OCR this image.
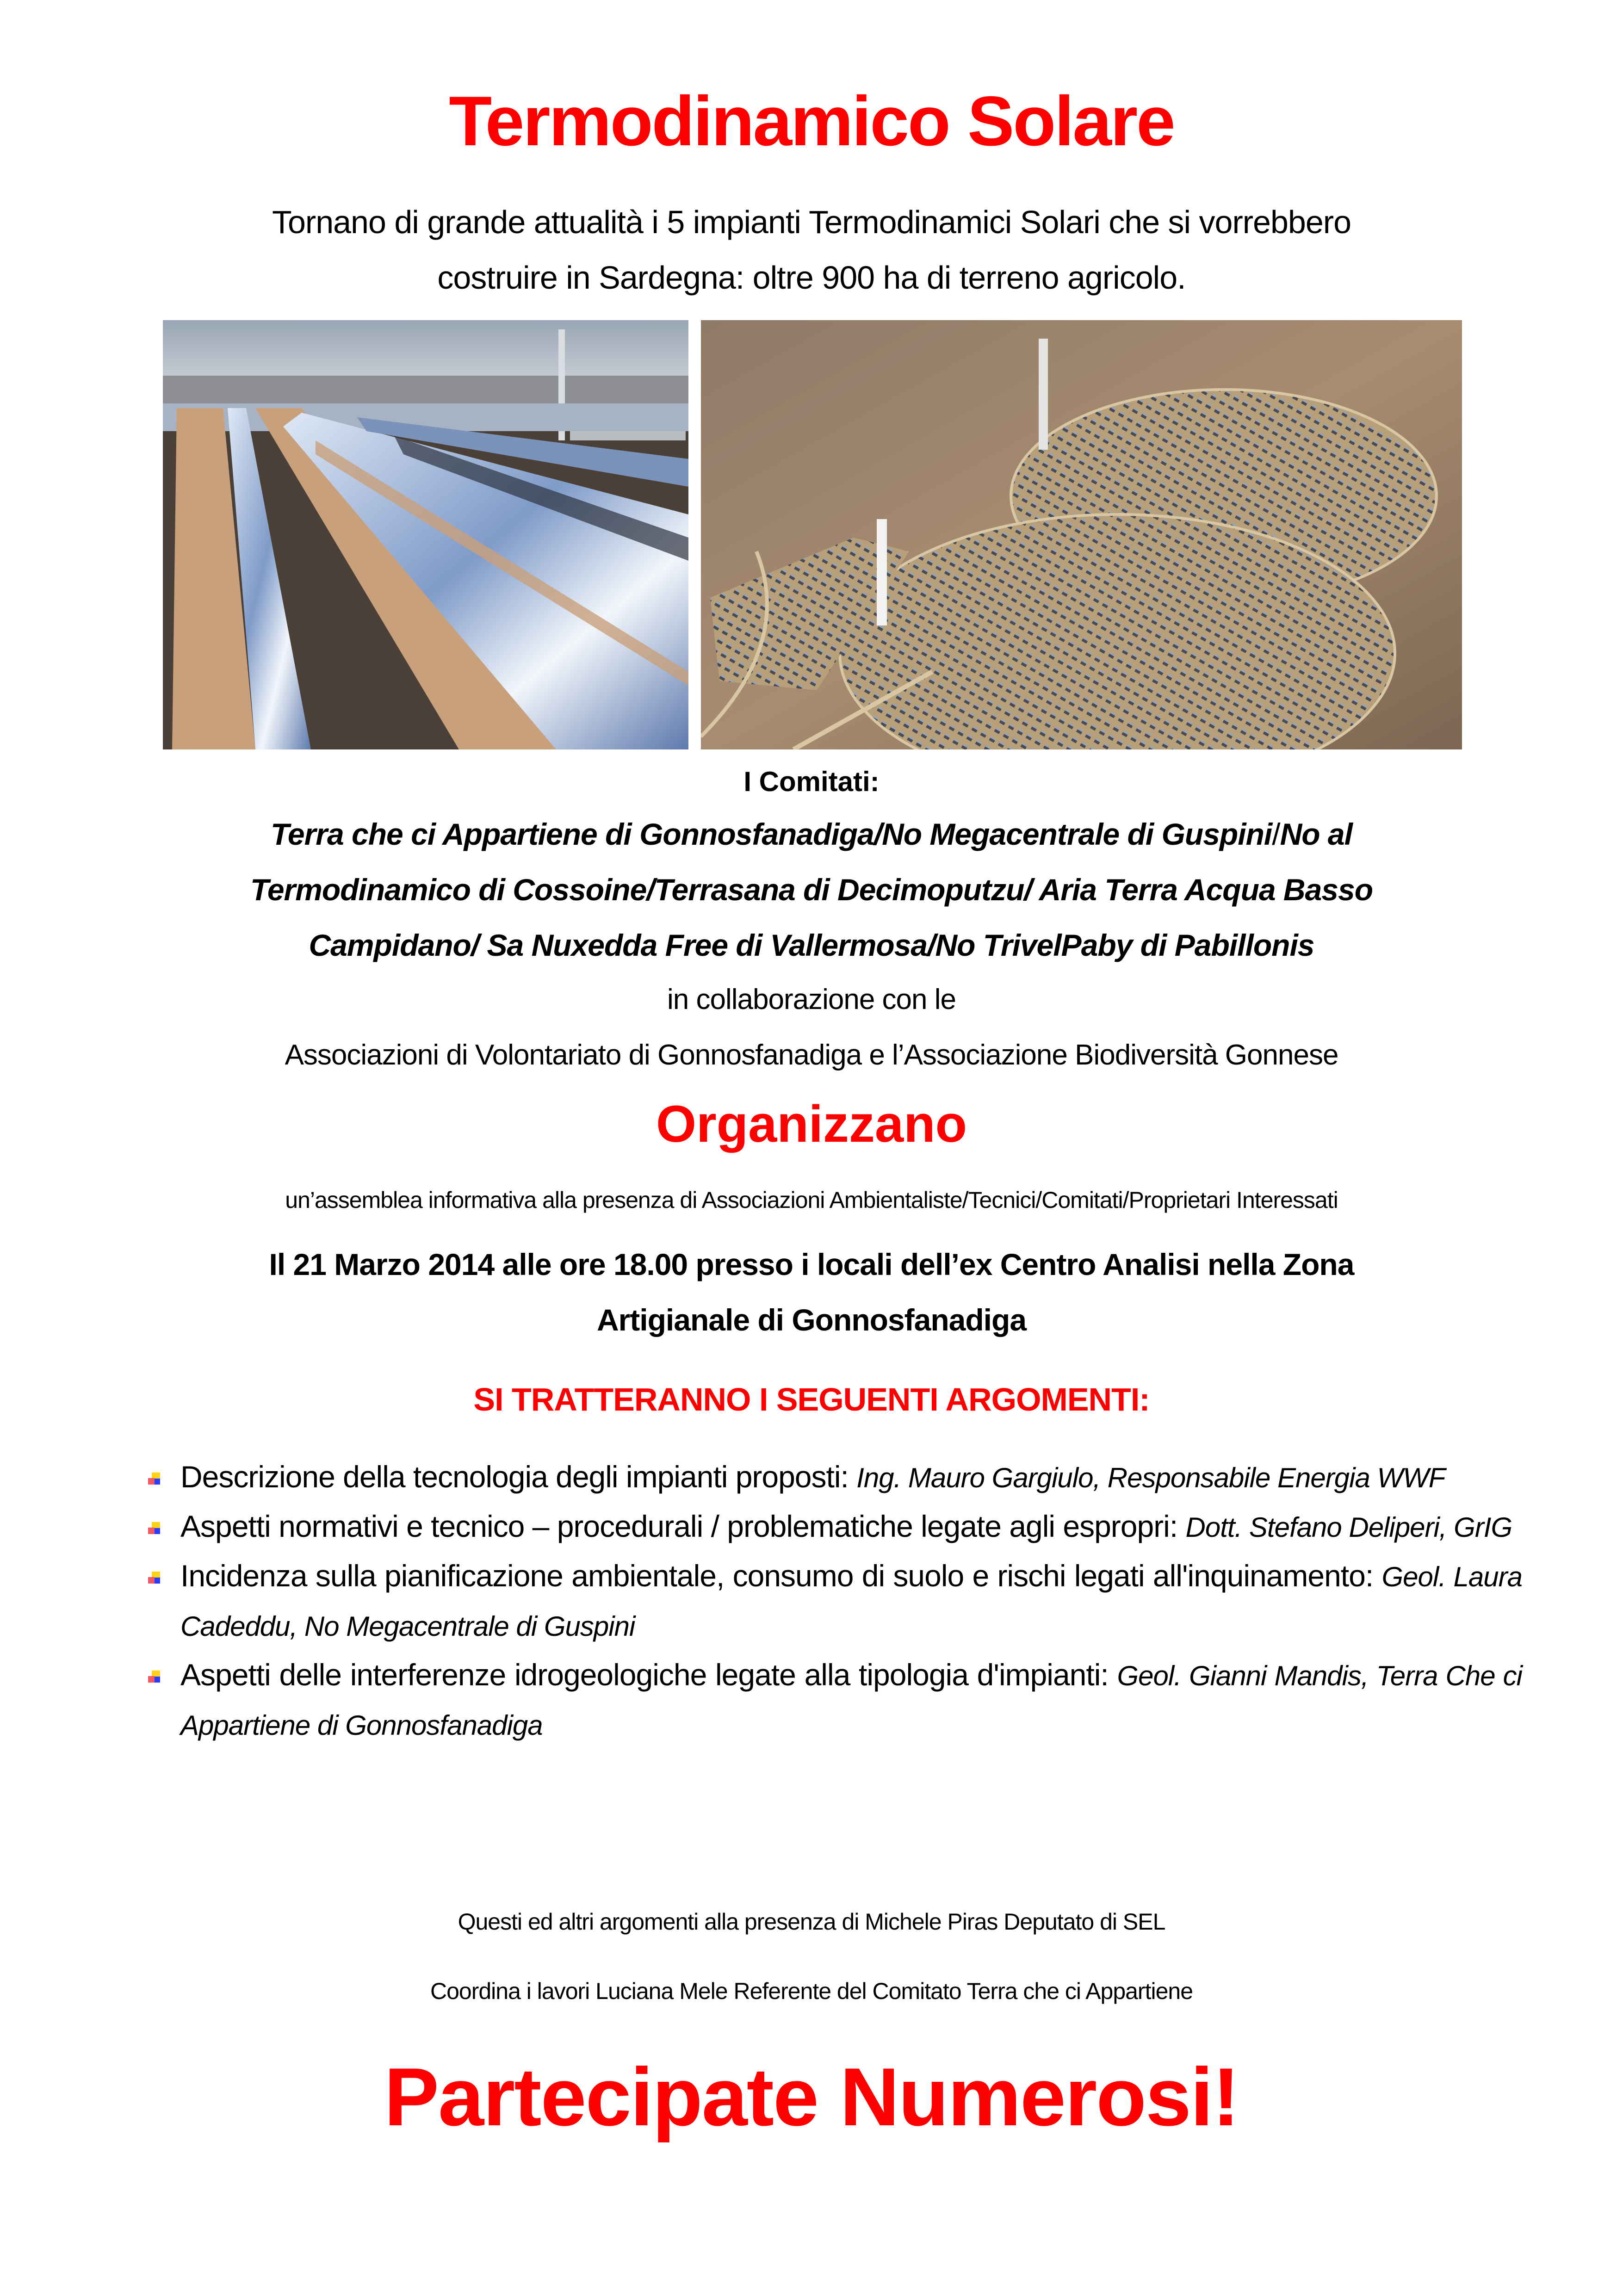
Termodinamico Solare
Tornano di grande attualità i 5 impianti Termodinamici Solari che si vorrebbero
costruire in Sardegna: oltre 900 ha di terreno agricolo.
I Comitati:
Terra che ci Appartiene di Gonnosfanadiga/No Megacentrale di Guspini/No al
Termodinamico di Cossoine/Terrasana di Decimoputzu/ Aria Terra Acqua Basso
Campidano/ Sa Nuxedda Free di Vallermosa/No TrivelPaby di Pabillonis
in collaborazione con le
Associazioni di Volontariato di Gonnosfanadiga e l’Associazione Biodiversità Gonnese
Organizzano
un’assemblea informativa alla presenza di Associazioni Ambientaliste/Tecnici/Comitati/Proprietari Interessati
Il 21 Marzo 2014 alle ore 18.00 presso i locali dell’ex Centro Analisi nella Zona
Artigianale di Gonnosfanadiga
SI TRATTERANNO I SEGUENTI ARGOMENTI:
Descrizione della tecnologia degli impianti proposti: Ing. Mauro Gargiulo, Responsabile Energia WWF
Aspetti normativi e tecnico – procedurali / problematiche legate agli espropri: Dott. Stefano Deliperi, GrIG
Incidenza sulla pianificazione ambientale, consumo di suolo e rischi legati all'inquinamento: Geol. Laura Cadeddu, No Megacentrale di Guspini
Aspetti delle interferenze idrogeologiche legate alla tipologia d'impianti: Geol. Gianni Mandis, Terra Che ci Appartiene di Gonnosfanadiga
Questi ed altri argomenti alla presenza di Michele Piras Deputato di SEL
Coordina i lavori Luciana Mele Referente del Comitato Terra che ci Appartiene
Partecipate Numerosi!
